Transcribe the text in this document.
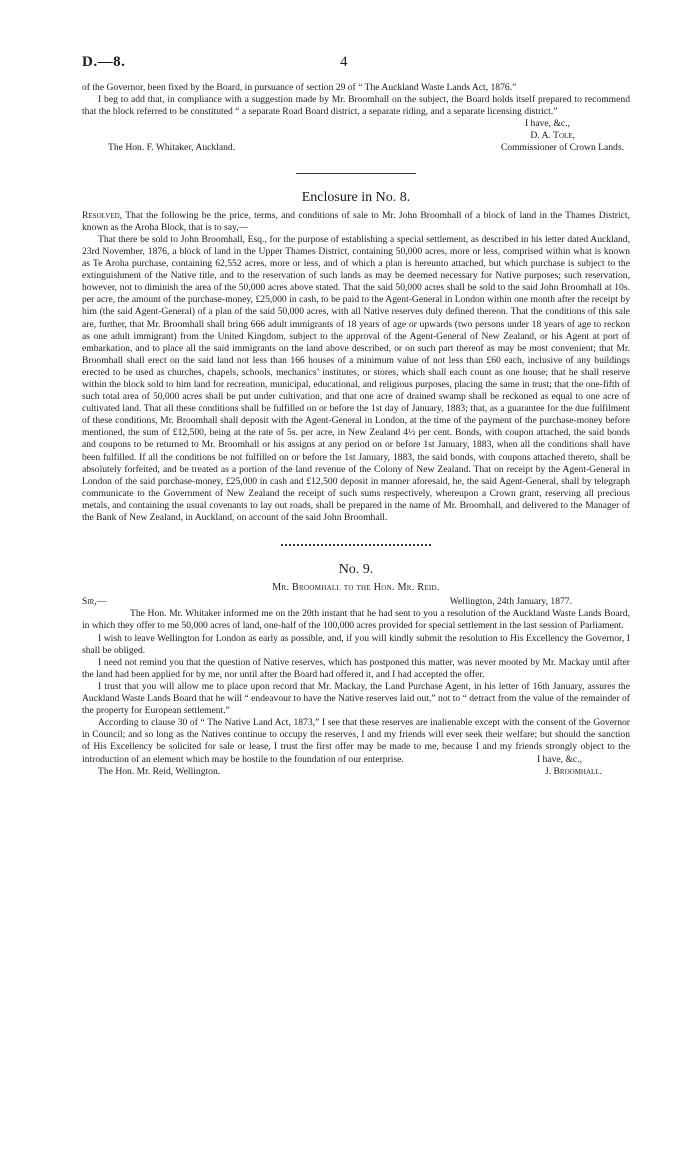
D.—8.	4

of the Governor, been fixed by the Board, in pursuance of section 29 of “ The Auckland Waste Lands Act, 1876.”

I beg to add that, in compliance with a suggestion made by Mr. Broomhall on the subject, the Board holds itself prepared to recommend that the block referred to be constituted “ a separate Road Board district, a separate riding, and a separate licensing district.”

I have, &c.,

D. A. Tole,

The Hon. F. Whitaker, Auckland.	Commissioner of Crown Lands.

Enclosure in No. 8.

Resolved, That the following be the price, terms, and conditions of sale to Mr. John Broomhall of a block of land in the Thames District, known as the Aroha Block, that is to say,—

That there be sold to John Broomhall, Esq., for the purpose of establishing a special settlement, as described in his letter dated Auckland, 23rd November, 1876, a block of land in the Upper Thames District, containing 50,000 acres, more or less, comprised within what is known as Te Aroha purchase, containing 62,552 acres, more or less, and of which a plan is hereunto attached, but which purchase is subject to the extinguishment of the Native title, and to the reservation of such lands as may be deemed necessary for Native purposes; such reservation, however, not to diminish the area of the 50,000 acres above stated. That the said 50,000 acres shall be sold to the said John Broomhall at 10s. per acre, the amount of the purchase-money, £25,000 in cash, to be paid to the Agent-General in London within one month after the receipt by him (the said Agent-General) of a plan of the said 50,000 acres, with all Native reserves duly defined thereon. That the conditions of this sale are, further, that Mr. Broomhall shall bring 666 adult immigrants of 18 years of age or upwards (two persons under 18 years of age to reckon as one adult immigrant) from the United Kingdom, subject to the approval of the Agent-General of New Zealand, or his Agent at port of embarkation, and to place all the said immigrants on the land above described, or on such part thereof as may be most convenient; that Mr. Broomhall shall erect on the said land not less than 166 houses of a minimum value of not less than £60 each, inclusive of any buildings erected to be used as churches, chapels, schools, mechanics’ institutes, or stores, which shall each count as one house; that he shall reserve within the block sold to him land for recreation, municipal, educational, and religious purposes, placing the same in trust; that the one-fifth of such total area of 50,000 acres shall be put under cultivation, and that one acre of drained swamp shall be reckoned as equal to one acre of cultivated land. That all these conditions shall be fulfilled on or before the 1st day of January, 1883; that, as a guarantee for the due fulfilment of these conditions, Mr. Broomhall shall deposit with the Agent-General in London, at the time of the payment of the purchase-money before mentioned, the sum of £12,500, being at the rate of 5s. per acre, in New Zealand 4½ per cent. Bonds, with coupon attached, the said bonds and coupons to be returned to Mr. Broomhall or his assigns at any period on or before 1st January, 1883, when all the conditions shall have been fulfilled. If all the conditions be not fulfilled on or before the 1st January, 1883, the said bonds, with coupons attached thereto, shall be absolutely forfeited, and be treated as a portion of the land revenue of the Colony of New Zealand. That on receipt by the Agent-General in London of the said purchase-money, £25,000 in cash and £12,500 deposit in manner aforesaid, he, the said Agent-General, shall by telegraph communicate to the Government of New Zealand the receipt of such sums respectively, whereupon a Crown grant, reserving all precious metals, and containing the usual covenants to lay out roads, shall be prepared in the name of Mr. Broomhall, and delivered to the Manager of the Bank of New Zealand, in Auckland, on account of the said John Broomhall.

No. 9.
Mr. Broomhall to the Hon. Mr. Reid.

Sir,—	Wellington, 24th January, 1877.

The Hon. Mr. Whitaker informed me on the 20th instant that he had sent to you a resolution of the Auckland Waste Lands Board, in which they offer to me 50,000 acres of land, one-half of the 100,000 acres provided for special settlement in the last session of Parliament.

I wish to leave Wellington for London as early as possible, and, if you will kindly submit the resolution to His Excellency the Governor, I shall be obliged.

I need not remind you that the question of Native reserves, which has postponed this matter, was never mooted by Mr. Mackay until after the land had been applied for by me, nor until after the Board had offered it, and I had accepted the offer.

I trust that you will allow me to place upon record that Mr. Mackay, the Land Purchase Agent, in his letter of 16th January, assures the Auckland Waste Lands Board that he will “ endeavour to have the Native reserves laid out,” not to “ detract from the value of the remainder of the property for European settlement.”

According to clause 30 of “ The Native Land Act, 1873,” I see that these reserves are inalienable except with the consent of the Governor in Council; and so long as the Natives continue to occupy the reserves, I and my friends will ever seek their welfare; but should the sanction of His Excellency be solicited for sale or lease, I trust the first offer may be made to me, because I and my friends strongly object to the introduction of an element which may be hostile to the foundation of our enterprise.	I have, &c.,

The Hon. Mr. Reid, Wellington.	J. Broomhall.
